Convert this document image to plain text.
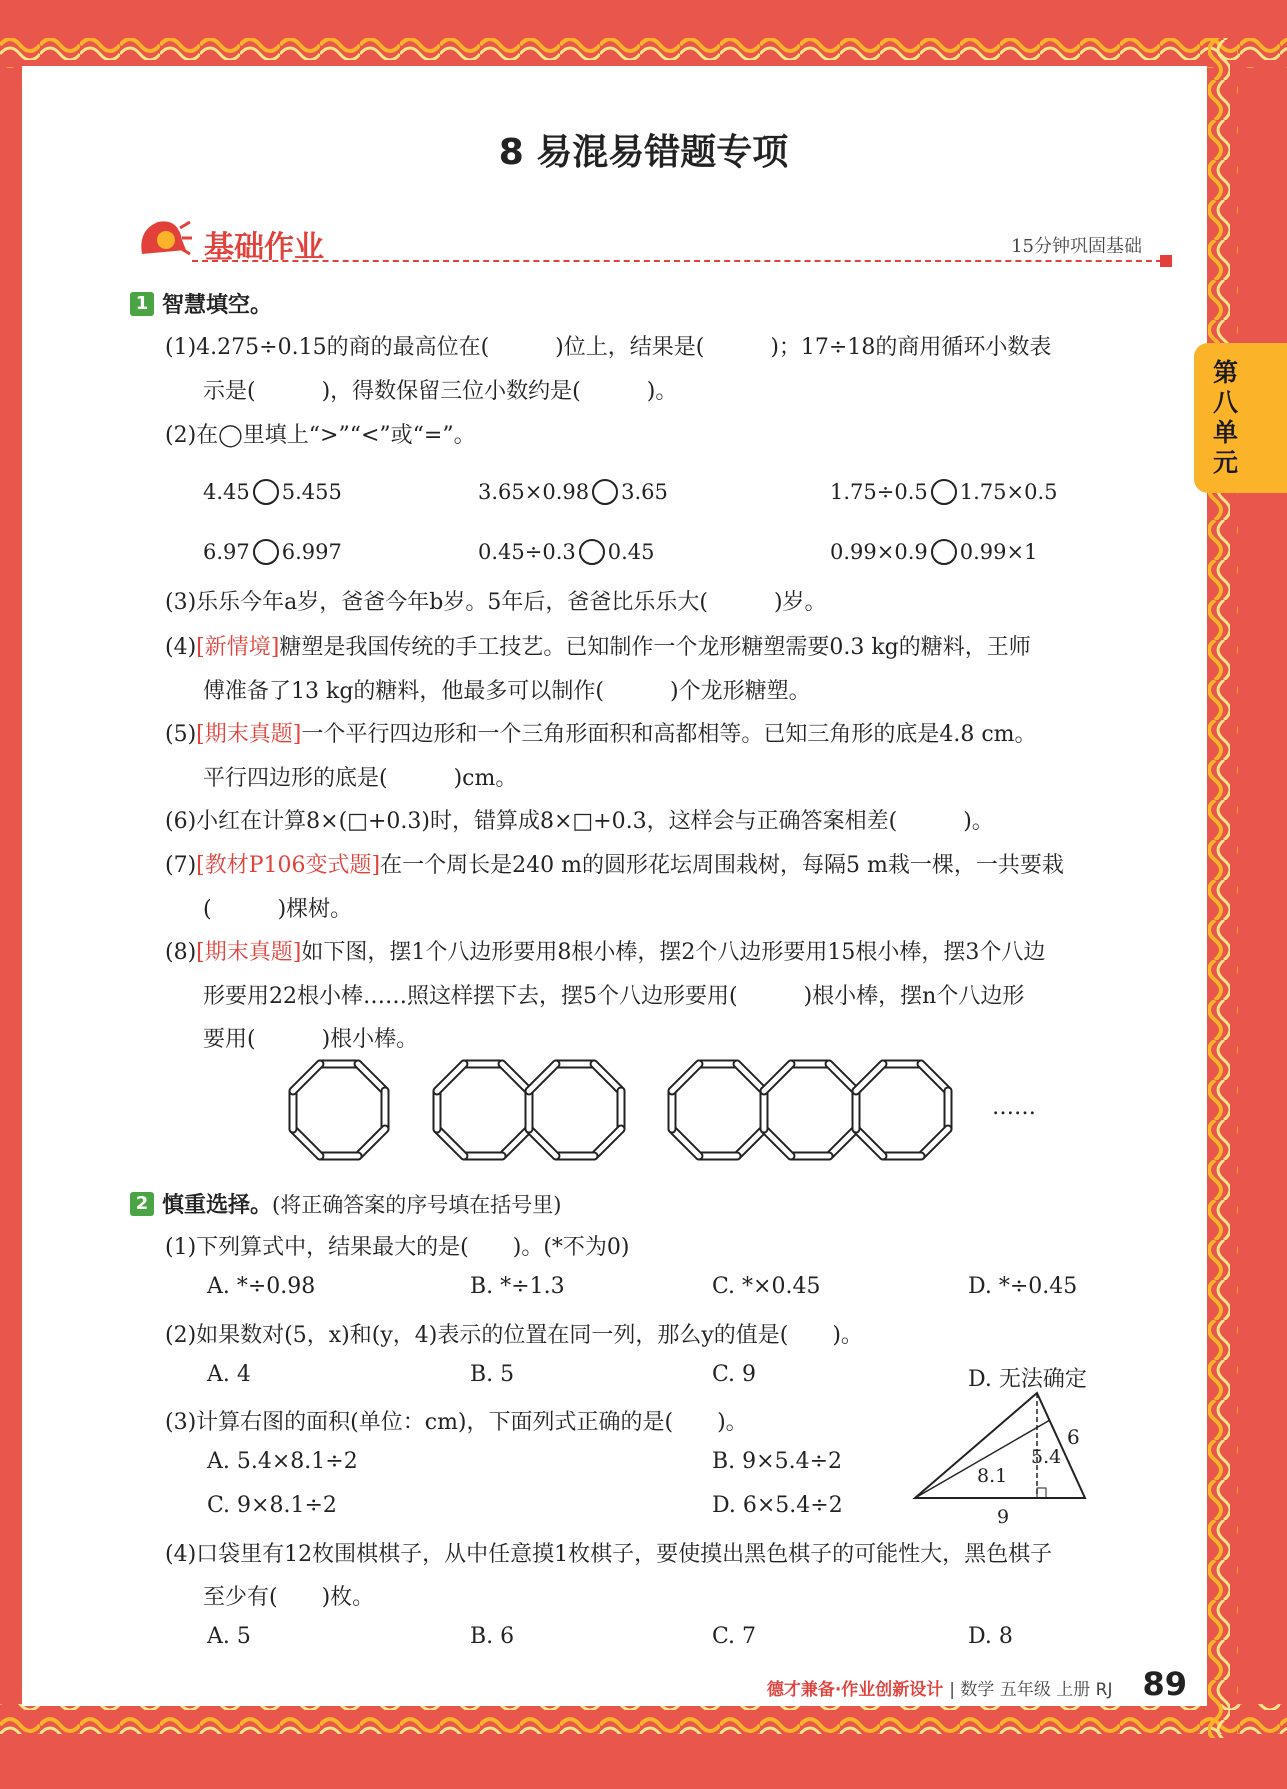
第八单元
8 易混易错题专项
基础作业	15分钟巩固基础
1 智慧填空。
(1)4.275÷0.15的商的最高位在(　　　)位上，结果是(　　　)；17÷18的商用循环小数表
示是(　　　)，得数保留三位小数约是(　　　)。
(2)在◯里填上“>”“<”或“=”。
4.45 5.455	3.65×0.98 3.65	1.75÷0.5 1.75×0.5
6.97 6.997	0.45÷0.3 0.45	0.99×0.9 0.99×1
(3)乐乐今年a岁，爸爸今年b岁。5年后，爸爸比乐乐大(　　　)岁。
(4)[新情境]糖塑是我国传统的手工技艺。已知制作一个龙形糖塑需要0.3 kg的糖料，王师
傅准备了13 kg的糖料，他最多可以制作(　　　)个龙形糖塑。
(5)[期末真题]一个平行四边形和一个三角形面积和高都相等。已知三角形的底是4.8 cm。
平行四边形的底是(　　　)cm。
(6)小红在计算8×(□+0.3)时，错算成8×□+0.3，这样会与正确答案相差(　　　)。
(7)[教材P106变式题]在一个周长是240 m的圆形花坛周围栽树，每隔5 m栽一棵，一共要栽
(　　　)棵树。
(8)[期末真题]如下图，摆1个八边形要用8根小棒，摆2个八边形要用15根小棒，摆3个八边
形要用22根小棒……照这样摆下去，摆5个八边形要用(　　　)根小棒，摆n个八边形
要用(　　　)根小棒。
……
2 慎重选择。 (将正确答案的序号填在括号里)
(1)下列算式中，结果最大的是(　　)。(*不为0)
A. *÷0.98	B. *÷1.3	C. *×0.45	D. *÷0.45
(2)如果数对(5，x)和(y，4)表示的位置在同一列，那么y的值是(　　)。
A. 4	B. 5	C. 9	D. 无法确定
(3)计算右图的面积(单位：cm)，下面列式正确的是(　　)。
A. 5.4×8.1÷2	B. 9×5.4÷2
C. 9×8.1÷2	D. 6×5.4÷2
6
5.4
8.1
9
(4)口袋里有12枚围棋棋子，从中任意摸1枚棋子，要使摸出黑色棋子的可能性大，黑色棋子
至少有(　　)枚。
A. 5	B. 6	C. 7	D. 8
德才兼备·作业创新设计 | 数学 五年级 上册 RJ 89
